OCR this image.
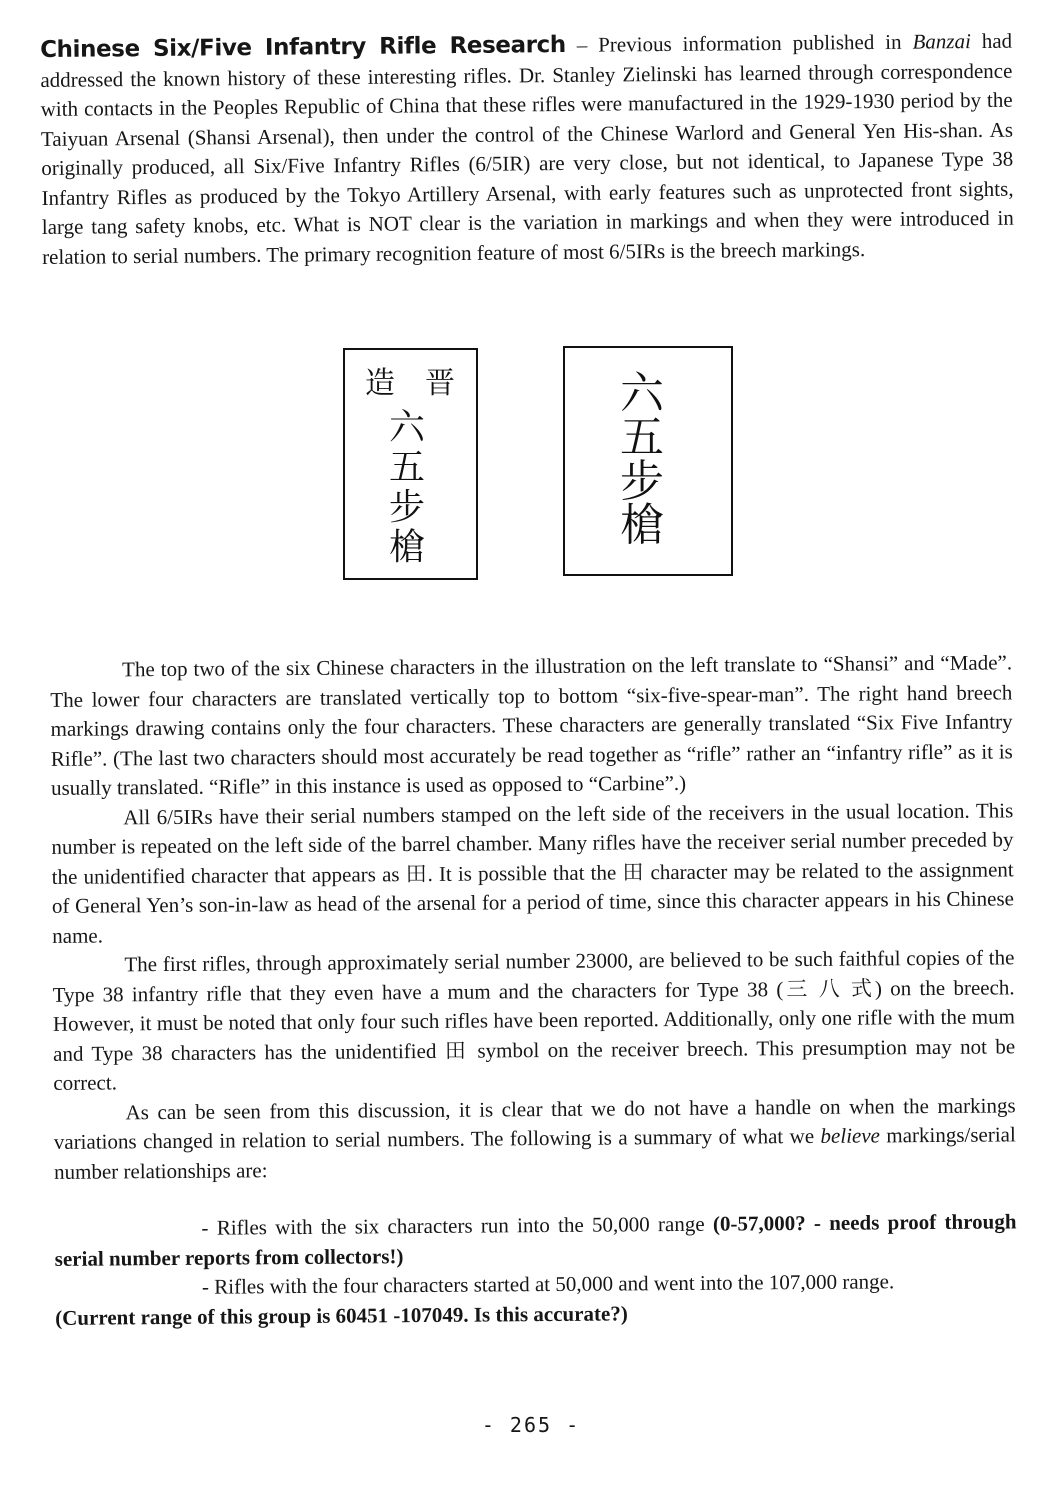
Chinese Six/Five Infantry Rifle Research – Previous information published in Banzai had addressed the known history of these interesting rifles. Dr. Stanley Zielinski has learned through correspondence with contacts in the Peoples Republic of China that these rifles were manufactured in the 1929-1930 period by the Taiyuan Arsenal (Shansi Arsenal), then under the control of the Chinese Warlord and General Yen His-shan. As originally produced, all Six/Five Infantry Rifles (6/5IR) are very close, but not identical, to Japanese Type 38 Infantry Rifles as produced by the Tokyo Artillery Arsenal, with early features such as unprotected front sights, large tang safety knobs, etc. What is NOT clear is the variation in markings and when they were introduced in relation to serial numbers. The primary recognition feature of most 6/5IRs is the breech markings.

造 晋
六
五
步
槍
六
五
步
槍

The top two of the six Chinese characters in the illustration on the left translate to “Shansi” and “Made”. The lower four characters are translated vertically top to bottom “six-five-spear-man”. The right hand breech markings drawing contains only the four characters. These characters are generally translated “Six Five Infantry Rifle”. (The last two characters should most accurately be read together as “rifle” rather an “infantry rifle” as it is usually translated. “Rifle” in this instance is used as opposed to “Carbine”.)

All 6/5IRs have their serial numbers stamped on the left side of the receivers in the usual location. This number is repeated on the left side of the barrel chamber. Many rifles have the receiver serial number preceded by the unidentified character that appears as 田. It is possible that the 田 character may be related to the assignment of General Yen’s son-in-law as head of the arsenal for a period of time, since this character appears in his Chinese name.

The first rifles, through approximately serial number 23000, are believed to be such faithful copies of the Type 38 infantry rifle that they even have a mum and the characters for Type 38 (三 八 式) on the breech. However, it must be noted that only four such rifles have been reported. Additionally, only one rifle with the mum and Type 38 characters has the unidentified 田 symbol on the receiver breech. This presumption may not be correct.

As can be seen from this discussion, it is clear that we do not have a handle on when the markings variations changed in relation to serial numbers. The following is a summary of what we believe markings/serial number relationships are:

- Rifles with the six characters run into the 50,000 range (0-57,000? - needs proof through serial number reports from collectors!)

- Rifles with the four characters started at 50,000 and went into the 107,000 range.
(Current range of this group is 60451 -107049. Is this accurate?)

- 265 -
